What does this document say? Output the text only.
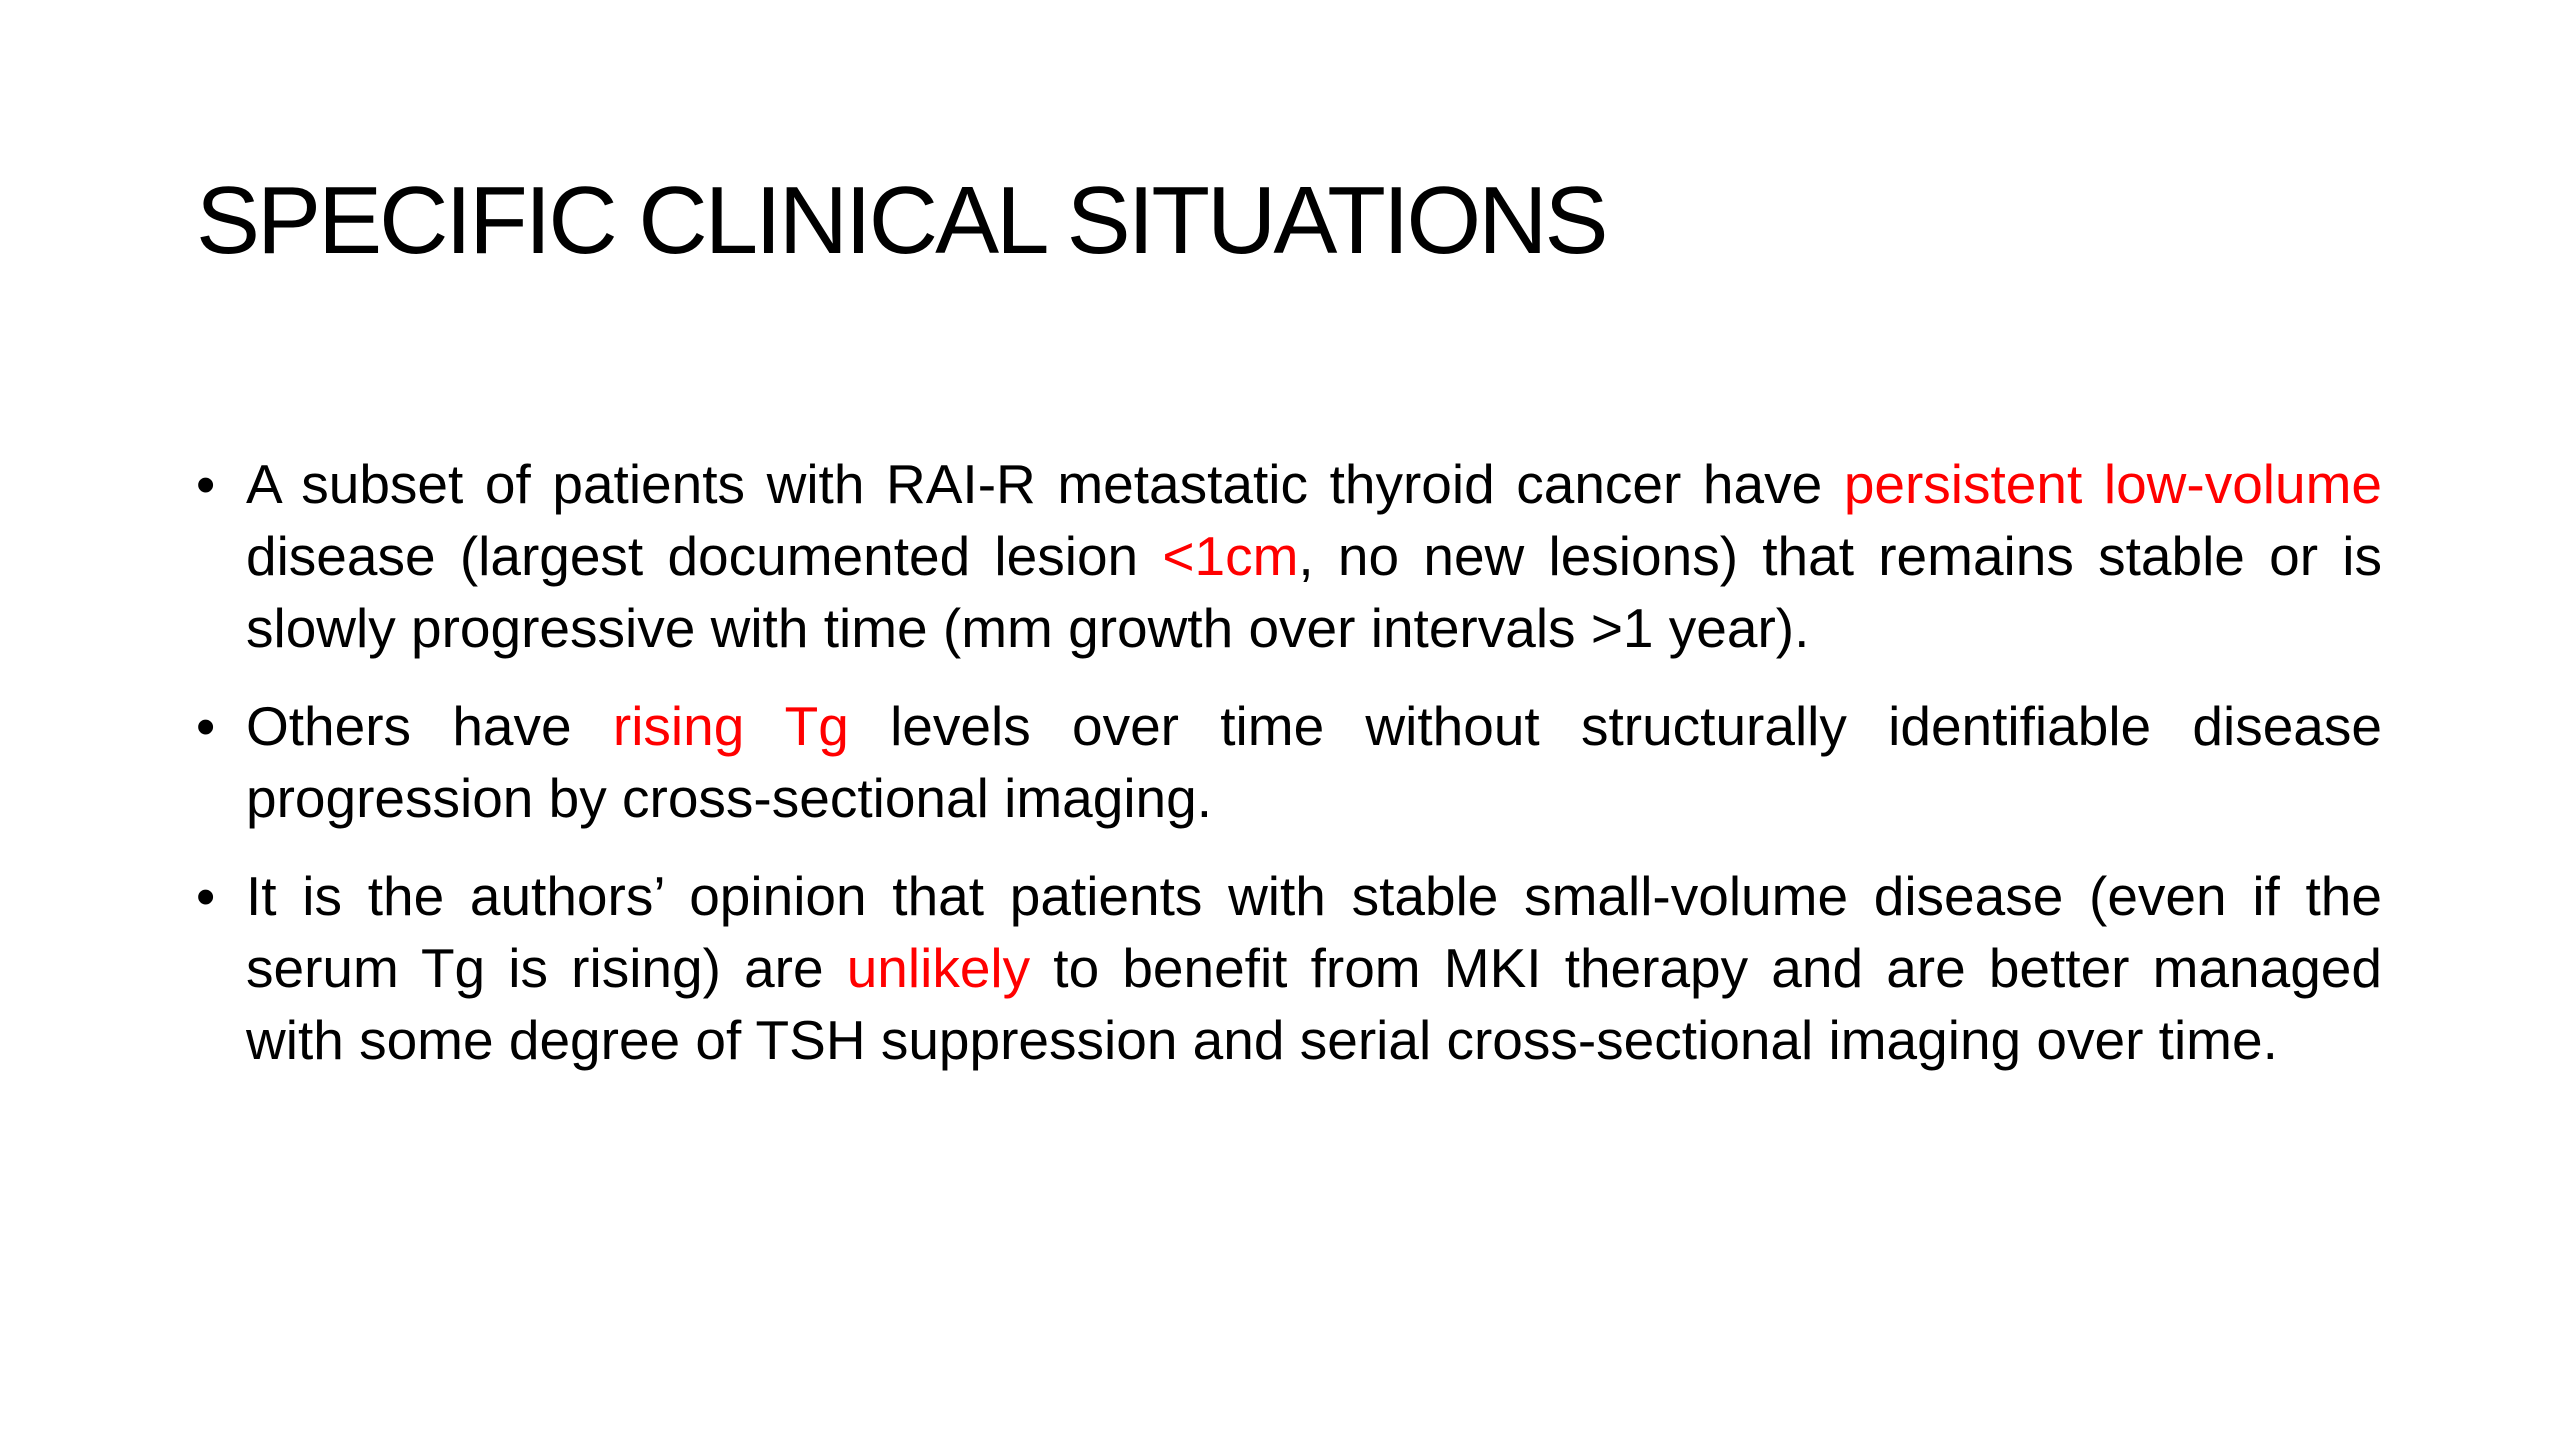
SPECIFIC CLINICAL SITUATIONS
• A subset of patients with RAI-R metastatic thyroid cancer have persistent low-volume disease (largest documented lesion <1cm, no new lesions) that remains stable or is slowly progressive with time (mm growth over intervals >1 year).
• Others have rising Tg levels over time without structurally identifiable disease progression by cross-sectional imaging.
• It is the authors’ opinion that patients with stable small-volume disease (even if the serum Tg is rising) are unlikely to benefit from MKI therapy and are better managed with some degree of TSH suppression and serial cross-sectional imaging over time.
